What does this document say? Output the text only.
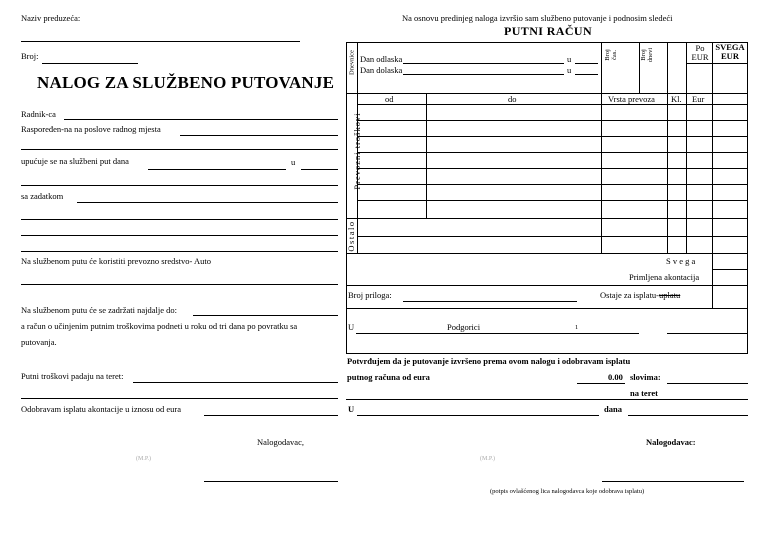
Naziv preduzeća:
Broj:
NALOG ZA SLUŽBENO PUTOVANJE
Radnik-ca
Raspoređen-na na poslove radnog mjesta
upućuje se na službeni put dana	u
sa zadatkom
Na službenom putu će koristiti prevozno sredstvo- Auto
Na službenom putu će se zadržati najdalje do:
a račun o učinjenim putnim troškovima podneti u roku od tri dana po povratku sa
putovanja.
Putni troškovi padaju na teret:
Odobravam isplatu akontacije u iznosu od eura
Nalogodavac,
(M.P.)
Na osnovu predinjeg naloga izvršio sam službeno putovanje i podnosim sledeći
PUTNI RAČUN
Dnevnice Dan odlaska	u
Dan dolaska	u
Broj čas.	Broj dnevi	Po EUR
SVEGA EUR
od	do	Vrsta prevoza Kl. Eur
Prevozni troškovi
Ostalo
S v e g a
Primljena akontacija
Broj priloga:	Ostaje za isplatu-uplatu
U	Podgorici	1
Potvrđujem da je putovanje izvršeno prema ovom nalogu i odobravam isplatu
putnog računa od eura	0.00 slovima:
na teret
U	dana
Nalogodavac:
(M.P.)
(potpis ovlašćenog lica nalogodavca koje odobrava isplatu)
